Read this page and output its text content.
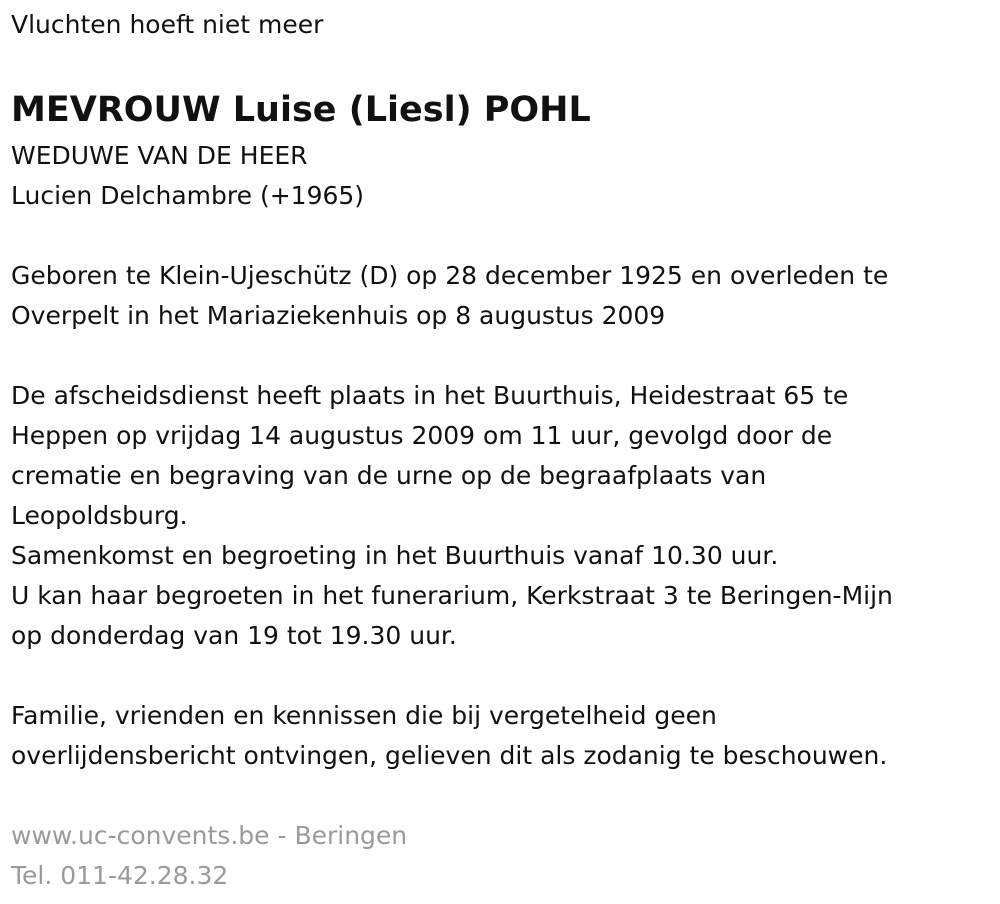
Vluchten hoeft niet meer
MEVROUW Luise (Liesl) POHL
WEDUWE VAN DE HEER
Lucien Delchambre (+1965)
Geboren te Klein-Ujeschütz (D) op 28 december 1925 en overleden te
Overpelt in het Mariaziekenhuis op 8 augustus 2009
De afscheidsdienst heeft plaats in het Buurthuis, Heidestraat 65 te
Heppen op vrijdag 14 augustus 2009 om 11 uur, gevolgd door de
crematie en begraving van de urne op de begraafplaats van
Leopoldsburg.
Samenkomst en begroeting in het Buurthuis vanaf 10.30 uur.
U kan haar begroeten in het funerarium, Kerkstraat 3 te Beringen-Mijn
op donderdag van 19 tot 19.30 uur.
Familie, vrienden en kennissen die bij vergetelheid geen
overlijdensbericht ontvingen, gelieven dit als zodanig te beschouwen.
www.uc-convents.be - Beringen
Tel. 011-42.28.32
